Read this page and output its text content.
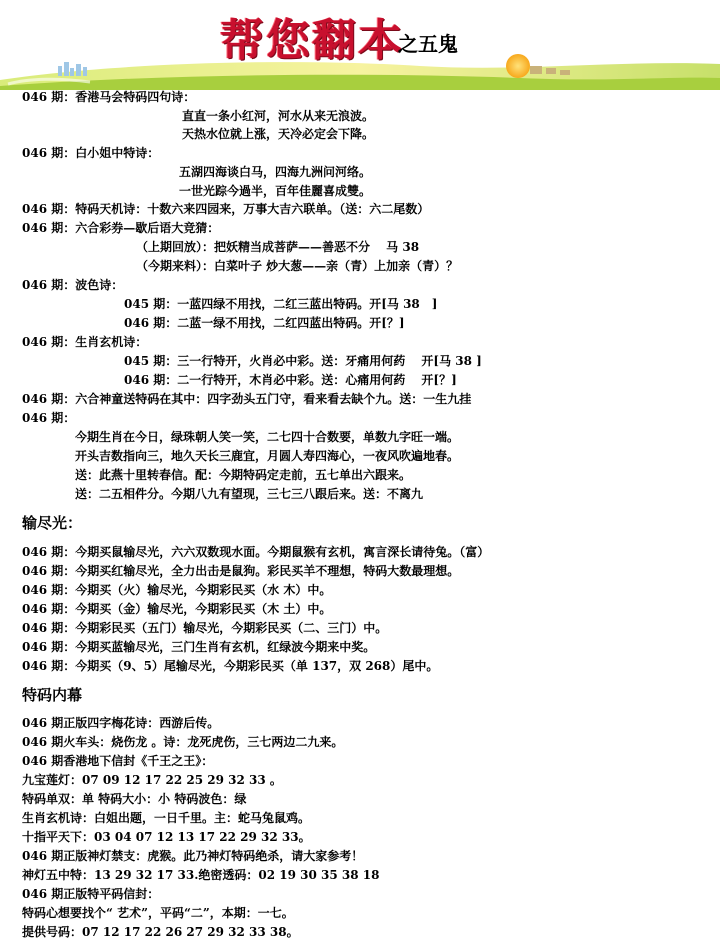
帮您翻本
之五鬼
046 期：香港马会特码四句诗：
直直一条小红河，河水从来无浪波。
天热水位就上涨，天冷必定会下降。
046 期：白小姐中特诗：
五湖四海谈白马，四海九洲问河络。
一世光踪今過半，百年佳麗喜成雙。
046 期：特码天机诗：十数六来四园来，万事大吉六联单。（送：六二尾数）
046 期：六合彩券—歇后语大竞猜：
（上期回放）：把妖精当成菩萨——善恶不分　 马 38
（今期来料）：白菜叶子 炒大葱——亲（青）上加亲（青）？
046 期：波色诗：
045 期：一蓝四绿不用找，二红三蓝出特码。开[马 38　]
046 期：二蓝一绿不用找，二红四蓝出特码。开[？]
046 期：生肖玄机诗：
045 期：三一行特开，火肖必中彩。送：牙痛用何药　 开[马 38 ]
046 期：二一行特开，木肖必中彩。送：心痛用何药　 开[？]
046 期：六合神童送特码在其中：四字劲头五门守，看来看去缺个九。送：一生九挂
046 期：
今期生肖在今日，绿珠朝人笑一笑，二七四十合数要，单数九字旺一端。
开头吉数指向三，地久天长三鹿宜，月圆人寿四海心，一夜风吹遍地春。
送：此燕十里转春信。配：今期特码定走前，五七单出六跟来。
送：二五相件分。今期八九有望现，三七三八跟后来。送：不离九
输尽光：
046 期：今期买鼠输尽光，六六双数现水面。今期鼠猴有玄机，寓言深长请待兔。（富）
046 期：今期买红输尽光，全力出击是鼠狗。彩民买羊不理想，特码大数最理想。
046 期：今期买（火）输尽光，今期彩民买（水 木）中。
046 期：今期买（金）输尽光，今期彩民买（木 土）中。
046 期：今期彩民买（五门）输尽光，今期彩民买（二、三门）中。
046 期：今期买蓝输尽光，三门生肖有玄机，红绿波今期来中奖。
046 期：今期买（9、5）尾输尽光，今期彩民买（单 137，双 268）尾中。
特码内幕
046 期正版四字梅花诗：西游后传。
046 期火车头：烧伤龙 。诗：龙死虎伤，三七两边二九来。
046 期香港地下信封《千王之王》：
九宝莲灯：07 09 12 17 22 25 29 32 33 。
特码单双：单 特码大小：小 特码波色：绿
生肖玄机诗：白姐出题，一日千里。主：蛇马兔鼠鸡。
十指平天下：03 04 07 12 13 17 22 29 32 33。
046 期正版神灯禁支：虎猴。此乃神灯特码绝杀，请大家参考！
神灯五中特：13 29 32 17 33.绝密透码：02 19 30 35 38 18
046 期正版特平码信封：
特码心想要找个“ 艺术”，平码“二”，本期：一七。
提供号码：07 12 17 22 26 27 29 32 33 38。
